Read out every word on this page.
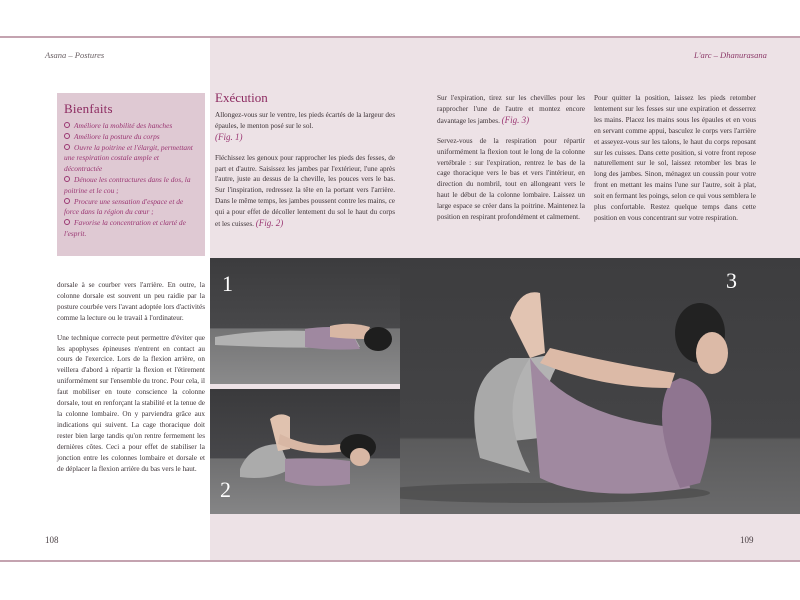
Asana – Postures	L'arc – Dhanurasana
Bienfaits
Améliore la mobilité des hanches
Améliore la posture du corps
Ouvre la poitrine et l'élargit, permettant une respiration costale ample et décontractée
Dénoue les contractures dans le dos, la poitrine et le cou ;
Procure une sensation d'espace et de force dans la région du cœur ;
Favorise la concentration et clarté de l'esprit.
Exécution

Allongez-vous sur le ventre, les pieds écartés de la largeur des épaules, le menton posé sur le sol.
(Fig. 1)

Fléchissez les genoux pour rapprocher les pieds des fesses, de part et d'autre. Saisissez les jambes par l'extérieur, l'une après l'autre, juste au dessus de la cheville, les pouces vers le bas. Sur l'inspiration, redressez la tête en la portant vers l'arrière. Dans le même temps, les jambes poussent contre les mains, ce qui a pour effet de décoller lentement du sol le haut du corps et les cuisses. (Fig. 2)

Sur l'expiration, tirez sur les chevilles pour les rapprocher l'une de l'autre et montez encore davantage les jambes. (Fig. 3)

Servez-vous de la respiration pour répartir uniformément la flexion tout le long de la colonne vertébrale : sur l'expiration, rentrez le bas de la cage thoracique vers le bas et vers l'intérieur, en direction du nombril, tout en allongeant vers le haut le début de la colonne lombaire. Laissez un large espace se créer dans la poitrine. Maintenez la position en respirant profondément et calmement.

Pour quitter la position, laissez les pieds retomber lentement sur les fesses sur une expiration et desserrez les mains. Placez les mains sous les épaules et en vous en servant comme appui, basculez le corps vers l'arrière et asseyez-vous sur les talons, le haut du corps reposant sur les cuisses. Dans cette position, si votre front repose naturellement sur le sol, laissez retomber les bras le long des jambes. Sinon, ménagez un coussin pour votre front en mettant les mains l'une sur l'autre, soit à plat, soit en fermant les poings, selon ce qui vous semblera le plus confortable. Restez quelque temps dans cette position en vous concentrant sur votre respiration.

dorsale à se courber vers l'arrière. En outre, la colonne dorsale est souvent un peu raidie par la posture courbée vers l'avant adoptée lors d'activités comme la lecture ou le travail à l'ordinateur.

Une technique correcte peut permettre d'éviter que les apophyses épineuses n'entrent en contact au cours de l'exercice. Lors de la flexion arrière, on veillera d'abord à répartir la flexion et l'étirement uniformément sur l'ensemble du tronc. Pour cela, il faut mobiliser en toute conscience la colonne dorsale, tout en renforçant la stabilité et la tenue de la colonne lombaire. On y parviendra grâce aux indications qui suivent. La cage thoracique doit rester bien large tandis qu'on rentre fermement les dernières côtes. Ceci a pour effet de stabiliser la jonction entre les colonnes lombaire et dorsale et de déplacer la flexion arrière du bas vers le haut.

1
2
3
108	109
